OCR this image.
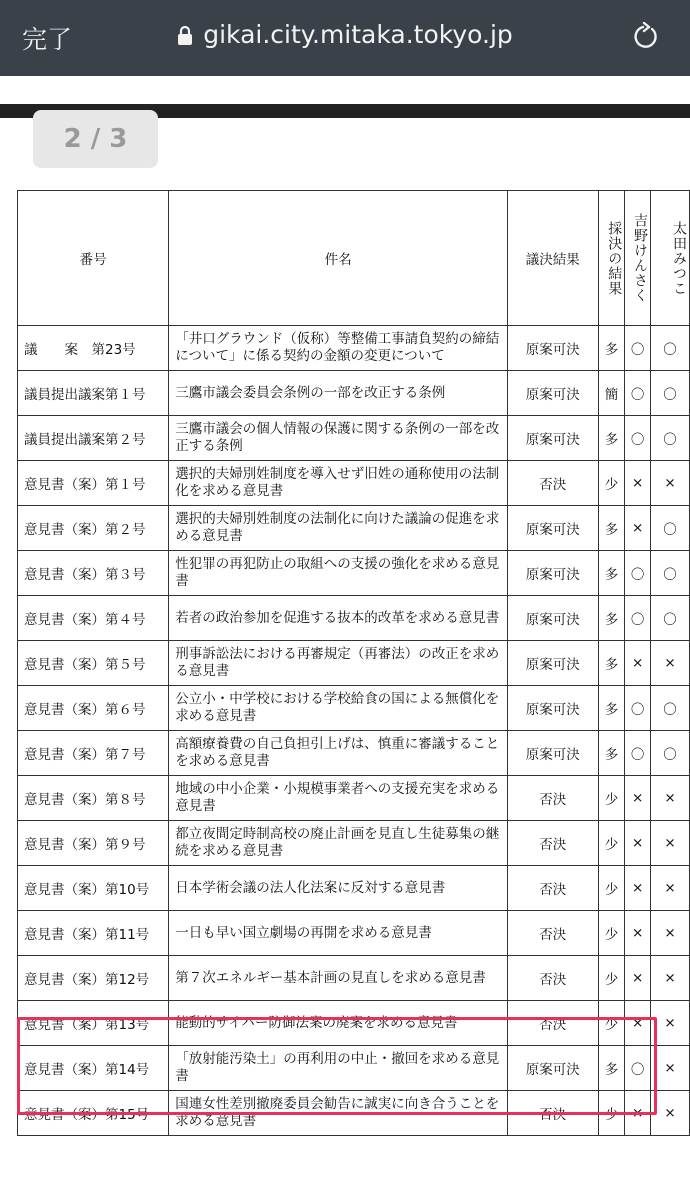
完了	gikai.city.mitaka.tokyo.jp
2 / 3
番号	件名	議決結果	採決の結果	吉野けんさく	太田みつこ
議　　案　第23号	「井口グラウンド（仮称）等整備工事請負契約の締結について」に係る契約の金額の変更について	原案可決	多	〇	〇
議員提出議案第１号	三鷹市議会委員会条例の一部を改正する条例	原案可決	簡	〇	〇
議員提出議案第２号	三鷹市議会の個人情報の保護に関する条例の一部を改正する条例	原案可決	多	〇	〇
意見書（案）第１号	選択的夫婦別姓制度を導入せず旧姓の通称使用の法制化を求める意見書	否決	少	×	×
意見書（案）第２号	選択的夫婦別姓制度の法制化に向けた議論の促進を求める意見書	原案可決	多	×	〇
意見書（案）第３号	性犯罪の再犯防止の取組への支援の強化を求める意見書	原案可決	多	〇	〇
意見書（案）第４号	若者の政治参加を促進する抜本的改革を求める意見書	原案可決	多	〇	〇
意見書（案）第５号	刑事訴訟法における再審規定（再審法）の改正を求める意見書	原案可決	多	×	×
意見書（案）第６号	公立小・中学校における学校給食の国による無償化を求める意見書	原案可決	多	〇	〇
意見書（案）第７号	高額療養費の自己負担引上げは、慎重に審議することを求める意見書	原案可決	多	〇	〇
意見書（案）第８号	地域の中小企業・小規模事業者への支援充実を求める意見書	否決	少	×	×
意見書（案）第９号	都立夜間定時制高校の廃止計画を見直し生徒募集の継続を求める意見書	否決	少	×	×
意見書（案）第10号	日本学術会議の法人化法案に反対する意見書	否決	少	×	×
意見書（案）第11号	一日も早い国立劇場の再開を求める意見書	否決	少	×	×
意見書（案）第12号	第７次エネルギー基本計画の見直しを求める意見書	否決	少	×	×
意見書（案）第13号	能動的サイバー防御法案の廃案を求める意見書	否決	少	×	×
意見書（案）第14号	「放射能汚染土」の再利用の中止・撤回を求める意見書	原案可決	多	〇	×
意見書（案）第15号	国連女性差別撤廃委員会勧告に誠実に向き合うことを求める意見書	否決	少	×	×
